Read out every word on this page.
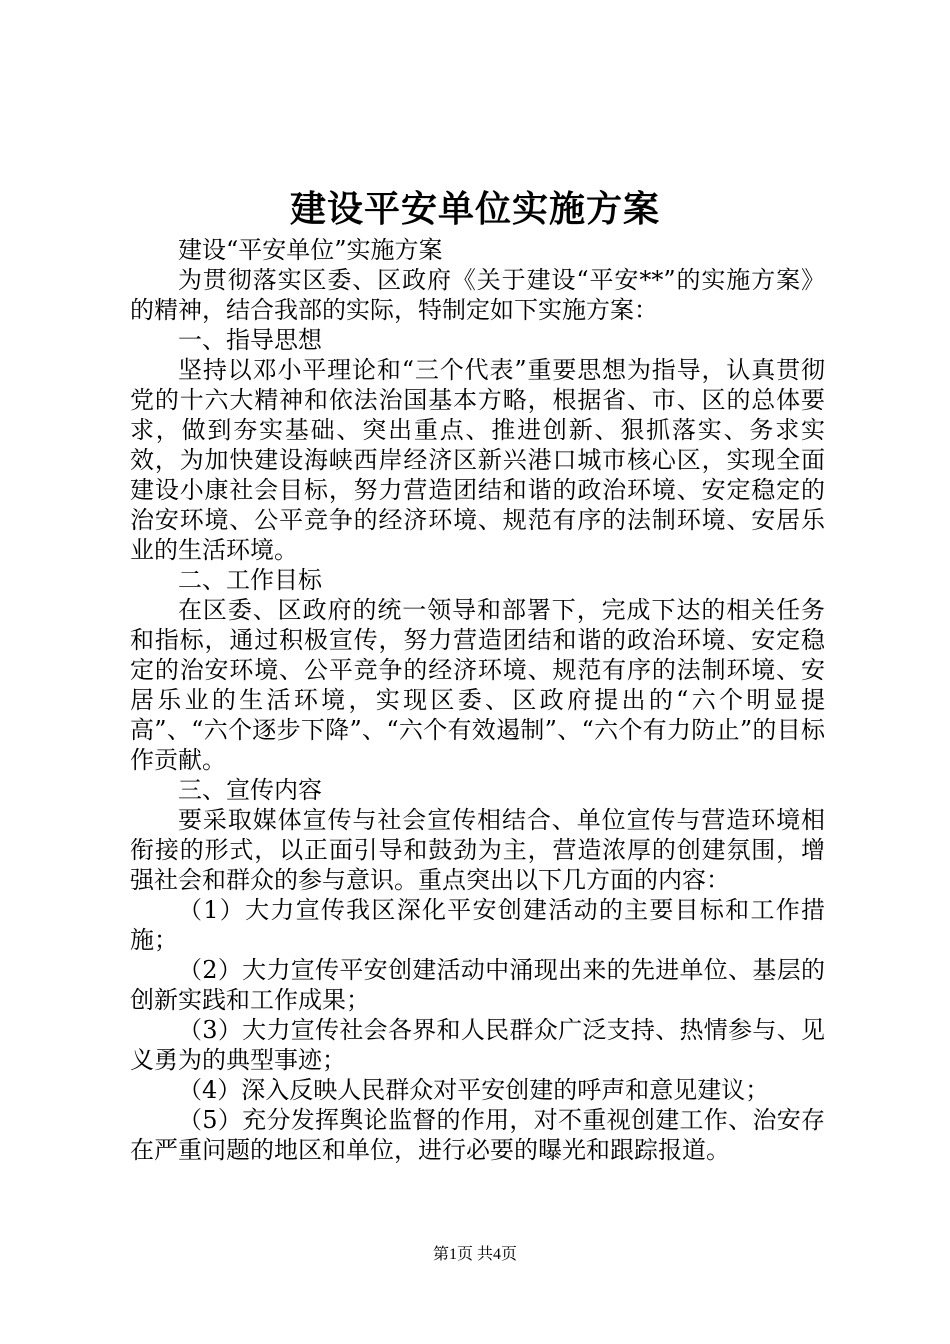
建设平安单位实施方案

建设“平安单位”实施方案

为贯彻落实区委、区政府《关于建设“平安**”的实施方案》的精神，结合我部的实际，特制定如下实施方案：

一、指导思想

坚持以邓小平理论和“三个代表”重要思想为指导，认真贯彻党的十六大精神和依法治国基本方略，根据省、市、区的总体要求，做到夯实基础、突出重点、推进创新、狠抓落实、务求实效，为加快建设海峡西岸经济区新兴港口城市核心区，实现全面建设小康社会目标，努力营造团结和谐的政治环境、安定稳定的治安环境、公平竞争的经济环境、规范有序的法制环境、安居乐业的生活环境。

二、工作目标

在区委、区政府的统一领导和部署下，完成下达的相关任务和指标，通过积极宣传，努力营造团结和谐的政治环境、安定稳定的治安环境、公平竞争的经济环境、规范有序的法制环境、安居乐业的生活环境，实现区委、区政府提出的“六个明显提高”、“六个逐步下降”、“六个有效遏制”、“六个有力防止”的目标作贡献。

三、宣传内容

要采取媒体宣传与社会宣传相结合、单位宣传与营造环境相衔接的形式，以正面引导和鼓劲为主，营造浓厚的创建氛围，增强社会和群众的参与意识。重点突出以下几方面的内容：

（1）大力宣传我区深化平安创建活动的主要目标和工作措施；

（2）大力宣传平安创建活动中涌现出来的先进单位、基层的创新实践和工作成果；

（3）大力宣传社会各界和人民群众广泛支持、热情参与、见义勇为的典型事迹；

（4）深入反映人民群众对平安创建的呼声和意见建议；

（5）充分发挥舆论监督的作用，对不重视创建工作、治安存在严重问题的地区和单位，进行必要的曝光和跟踪报道。

第1页 共4页
